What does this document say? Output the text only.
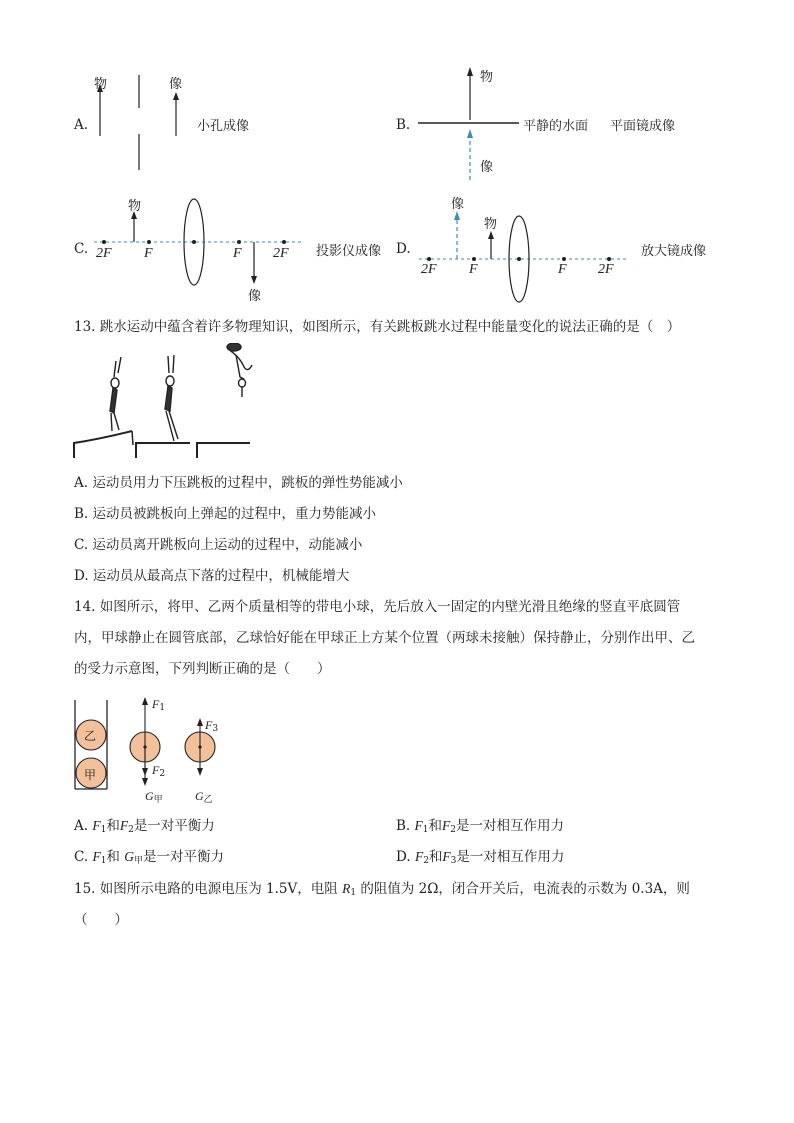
A.
物	像
小孔成像	B.
物
像
平静的水面 平面镜成像
C.
物
像
2F F	F 2F 投影仪成像 D.
像
物
2F F	F 2F
放大镜成像
13. 跳水运动中蕴含着许多物理知识，如图所示，有关跳板跳水过程中能量变化的说法正确的是（　）
A. 运动员用力下压跳板的过程中，跳板的弹性势能减小
B. 运动员被跳板向上弹起的过程中，重力势能减小
C. 运动员离开跳板向上运动的过程中，动能减小
D. 运动员从最高点下落的过程中，机械能增大
14. 如图所示，将甲、乙两个质量相等的带电小球，先后放入一固定的内壁光滑且绝缘的竖直平底圆管
内，甲球静止在圆管底部，乙球恰好能在甲球正上方某个位置（两球未接触）保持静止，分别作出甲、乙
的受力示意图，下列判断正确的是（　　）
乙
甲
$F_1$
$F_2$
$G_甲$
$F_3$
$G_乙$
A. $F_1$和$F_2$是一对平衡力	B. $F_1$和$F_2$是一对相互作用力
C. $F_1$和 $G_甲$是一对平衡力	D. $F_2$和$F_3$是一对相互作用力
15. 如图所示电路的电源电压为 1.5V，电阻 $R_1$ 的阻值为 2Ω，闭合开关后，电流表的示数为 0.3A，则
（　　）
